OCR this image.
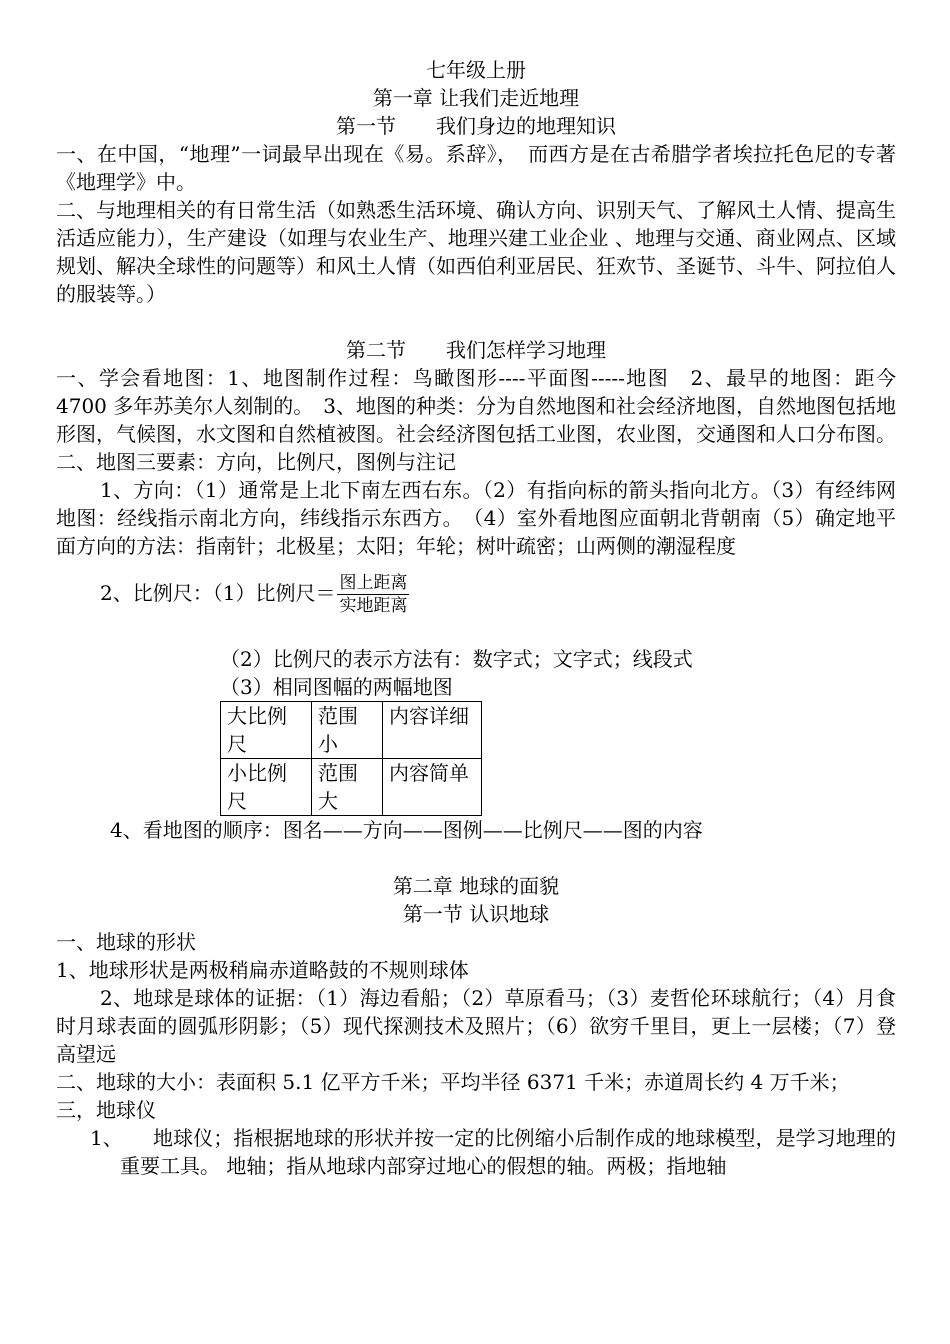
七年级上册

第一章 让我们走近地理

第一节　　我们身边的地理知识

一、在中国，“地理”一词最早出现在《易。系辞》，　而西方是在古希腊学者埃拉托色尼的专著《地理学》中。

二、与地理相关的有日常生活（如熟悉生活环境、确认方向、识别天气、了解风土人情、提高生活适应能力），生产建设（如理与农业生产、地理兴建工业企业 、地理与交通、商业网点、区域规划、解决全球性的问题等）和风土人情（如西伯利亚居民、狂欢节、圣诞节、斗牛、阿拉伯人的服装等。）

第二节　　我们怎样学习地理

一、学会看地图：1、地图制作过程：鸟瞰图形----平面图-----地图　2、最早的地图：距今 4700 多年苏美尔人刻制的。　3、地图的种类：分为自然地图和社会经济地图，自然地图包括地形图，气候图，水文图和自然植被图。社会经济图包括工业图，农业图，交通图和人口分布图。

二、地图三要素：方向，比例尺，图例与注记

1、方向：（1）通常是上北下南左西右东。（2）有指向标的箭头指向北方。（3）有经纬网地图：经线指示南北方向，纬线指示东西方。　（4）室外看地图应面朝北背朝南（5）确定地平面方向的方法：指南针；北极星；太阳；年轮；树叶疏密；山两侧的潮湿程度

2、比例尺：（1）比例尺＝ $\frac{\text{图上距离}}{\text{实地距离}}$

（2）比例尺的表示方法有：数字式；文字式；线段式

（3）相同图幅的两幅地图

大比例尺	范围小	内容详细
小比例尺	范围大	内容简单

4、看地图的顺序：图名——方向——图例——比例尺——图的内容

第二章 地球的面貌

第一节 认识地球

一、地球的形状

1、地球形状是两极稍扁赤道略鼓的不规则球体

2、地球是球体的证据：（1）海边看船；（2）草原看马；（3）麦哲伦环球航行；（4）月食时月球表面的圆弧形阴影；（5）现代探测技术及照片；（6）欲穷千里目，更上一层楼；（7）登高望远

二、地球的大小：表面积 5.1 亿平方千米；平均半径 6371 千米；赤道周长约 4 万千米；

三，地球仪

1、　　地球仪；指根据地球的形状并按一定的比例缩小后制作成的地球模型，是学习地理的重要工具。 地轴；指从地球内部穿过地心的假想的轴。两极；指地轴
